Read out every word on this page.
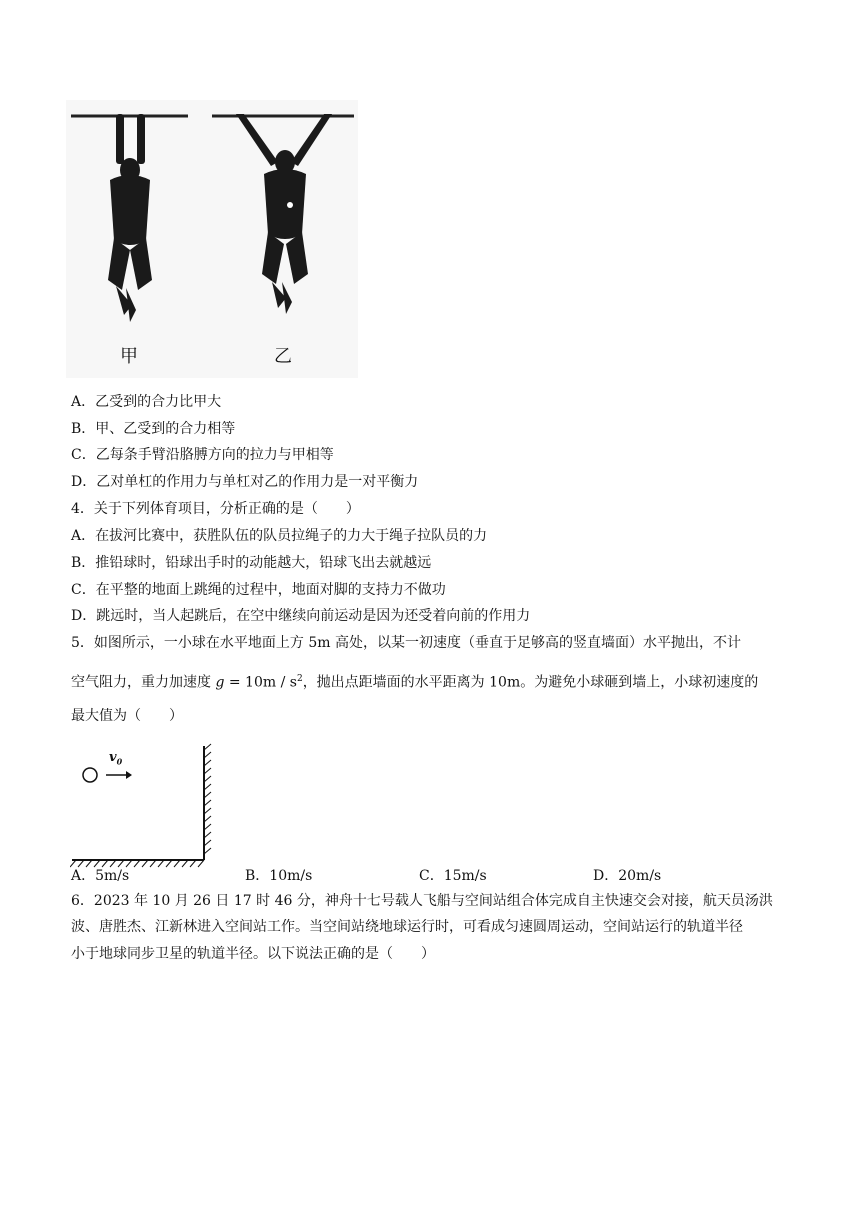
甲	乙
A．乙受到的合力比甲大
B．甲、乙受到的合力相等
C．乙每条手臂沿胳膊方向的拉力与甲相等
D．乙对单杠的作用力与单杠对乙的作用力是一对平衡力
4．关于下列体育项目，分析正确的是（　　）
A．在拔河比赛中，获胜队伍的队员拉绳子的力大于绳子拉队员的力
B．推铅球时，铅球出手时的动能越大，铅球飞出去就越远
C．在平整的地面上跳绳的过程中，地面对脚的支持力不做功
D．跳远时，当人起跳后，在空中继续向前运动是因为还受着向前的作用力
5．如图所示，一小球在水平地面上方 5m 高处，以某一初速度（垂直于足够高的竖直墙面）水平抛出，不计
空气阻力，重力加速度 $g = 10m / s^2$，抛出点距墙面的水平距离为 10m。为避免小球砸到墙上，小球初速度的
最大值为（　　）
$v_0$
A．5m/s	B．10m/s	C．15m/s	D．20m/s
6．2023 年 10 月 26 日 17 时 46 分，神舟十七号载人飞船与空间站组合体完成自主快速交会对接，航天员汤洪
波、唐胜杰、江新林进入空间站工作。当空间站绕地球运行时，可看成匀速圆周运动，空间站运行的轨道半径
小于地球同步卫星的轨道半径。以下说法正确的是（　　）
